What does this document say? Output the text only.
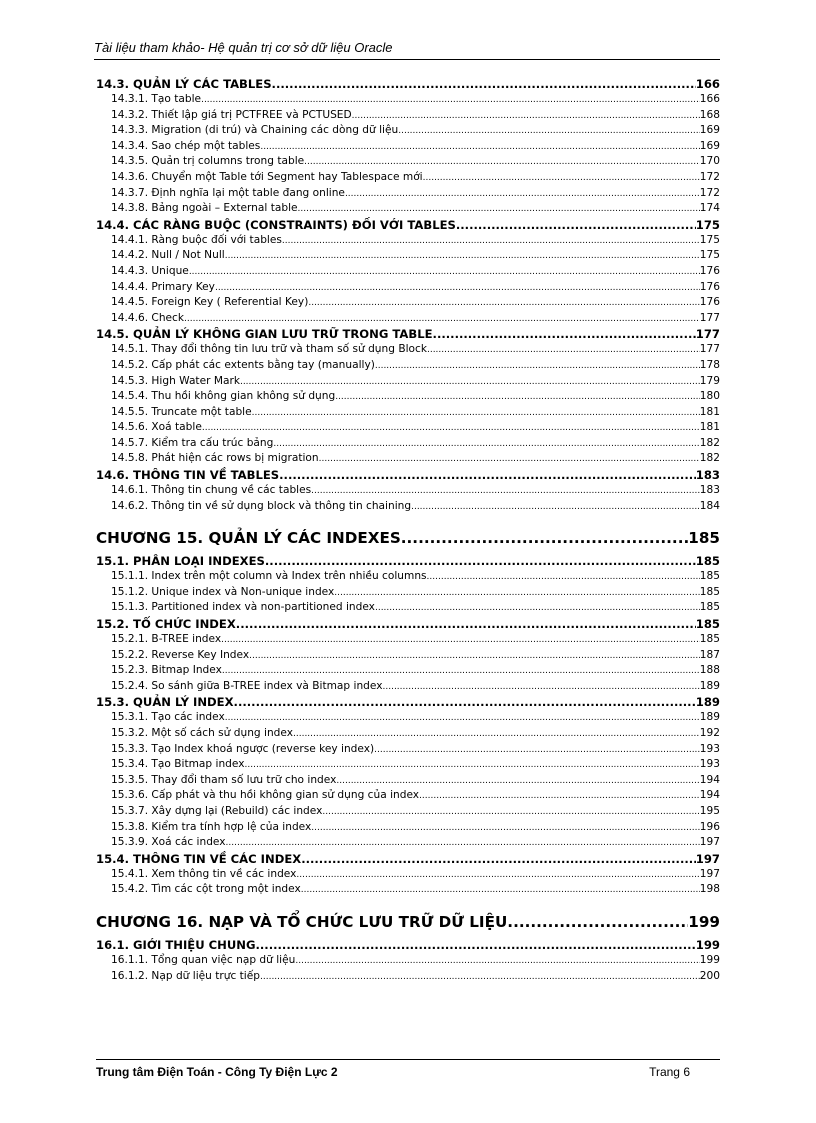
Tài liệu tham khảo- Hệ quản trị cơ sở dữ liệu Oracle
14.3. QUẢN LÝ CÁC TABLES .....	166
14.3.1. Tạo table .....	166
14.3.2. Thiết lập giá trị PCTFREE và PCTUSED .....	168
14.3.3. Migration (di trú) và Chaining các dòng dữ liệu .....	169
14.3.4. Sao chép một tables .....	169
14.3.5. Quản trị columns trong table .....	170
14.3.6. Chuyển một Table tới Segment hay Tablespace mới .....	172
14.3.7. Định nghĩa lại một table đang online .....	172
14.3.8. Bảng ngoài – External table .....	174
14.4. CÁC RÀNG BUỘC (CONSTRAINTS) ĐỐI VỚI TABLES .....	175
14.4.1. Ràng buộc đối với tables .....	175
14.4.2. Null / Not Null .....	175
14.4.3. Unique .....	176
14.4.4. Primary Key .....	176
14.4.5. Foreign Key ( Referential Key) .....	176
14.4.6. Check .....	177
14.5. QUẢN LÝ KHÔNG GIAN LƯU TRỮ TRONG TABLE .....	177
14.5.1. Thay đổi thông tin lưu trữ và tham số sử dụng Block .....	177
14.5.2. Cấp phát các extents bằng tay (manually) .....	178
14.5.3. High Water Mark .....	179
14.5.4. Thu hồi không gian không sử dụng .....	180
14.5.5. Truncate một table .....	181
14.5.6. Xoá table .....	181
14.5.7. Kiểm tra cấu trúc bảng .....	182
14.5.8. Phát hiện các rows bị migration .....	182
14.6. THÔNG TIN VỀ TABLES .....	183
14.6.1. Thông tin chung về các tables .....	183
14.6.2. Thông tin về sử dụng block và thông tin chaining .....	184
CHƯƠNG 15. QUẢN LÝ CÁC INDEXES .....	185
15.1. PHÂN LOẠI INDEXES .....	185
15.1.1. Index trên một column và Index trên nhiều columns .....	185
15.1.2. Unique index và Non-unique index .....	185
15.1.3. Partitioned index và non-partitioned index .....	185
15.2. TỔ CHỨC INDEX .....	185
15.2.1. B-TREE index .....	185
15.2.2. Reverse Key Index .....	187
15.2.3. Bitmap Index .....	188
15.2.4. So sánh giữa B-TREE index và Bitmap index .....	189
15.3. QUẢN LÝ INDEX .....	189
15.3.1. Tạo các index .....	189
15.3.2. Một số cách sử dụng index .....	192
15.3.3. Tạo Index khoá ngược (reverse key index) .....	193
15.3.4. Tạo Bitmap index .....	193
15.3.5. Thay đổi tham số lưu trữ cho index .....	194
15.3.6. Cấp phát và thu hồi không gian sử dụng của index .....	194
15.3.7. Xây dựng lại (Rebuild) các index .....	195
15.3.8. Kiểm tra tính hợp lệ của index .....	196
15.3.9. Xoá các index .....	197
15.4. THÔNG TIN VỀ CÁC INDEX .....	197
15.4.1. Xem thông tin về các index .....	197
15.4.2. Tìm các cột trong một index .....	198
CHƯƠNG 16. NẠP VÀ TỔ CHỨC LƯU TRỮ DỮ LIỆU .....	199
16.1. GIỚI THIỆU CHUNG .....	199
16.1.1. Tổng quan việc nạp dữ liệu .....	199
16.1.2. Nạp dữ liệu trực tiếp .....	200
Trung tâm Điện Toán - Công Ty Điện Lực 2	Trang 6
